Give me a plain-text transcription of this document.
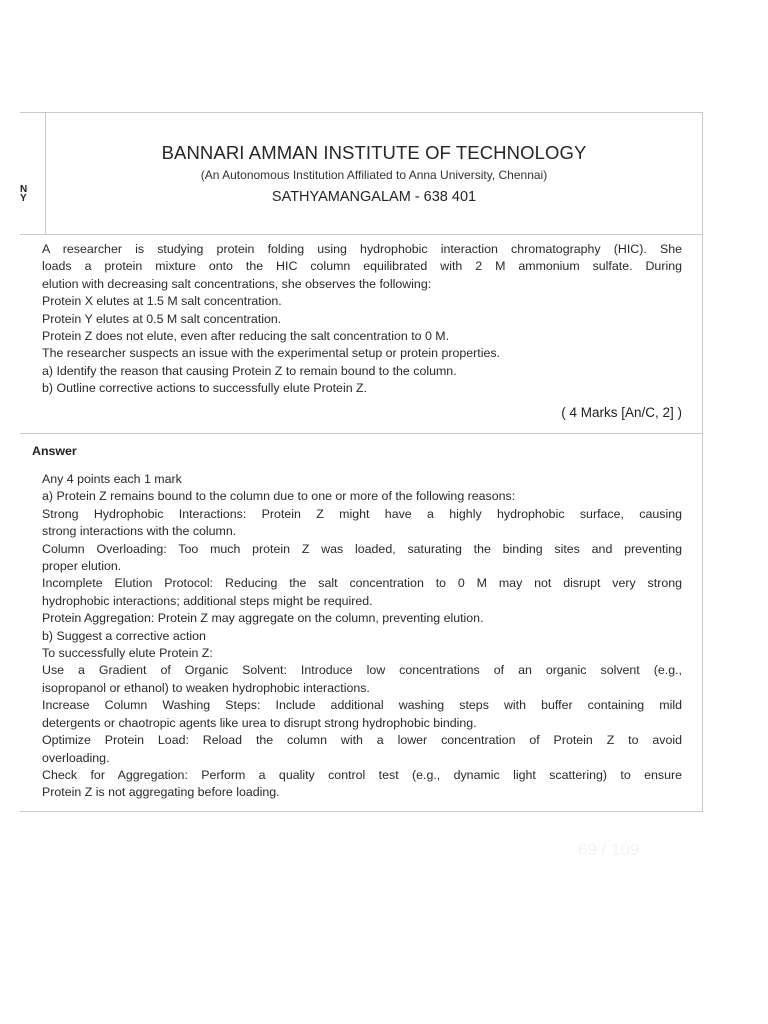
N
Y
BANNARI AMMAN INSTITUTE OF TECHNOLOGY
(An Autonomous Institution Affiliated to Anna University, Chennai)
SATHYAMANGALAM - 638 401

A researcher is studying protein folding using hydrophobic interaction chromatography (HIC). She

loads a protein mixture onto the HIC column equilibrated with 2 M ammonium sulfate. During

elution with decreasing salt concentrations, she observes the following:

Protein X elutes at 1.5 M salt concentration.

Protein Y elutes at 0.5 M salt concentration.

Protein Z does not elute, even after reducing the salt concentration to 0 M.

The researcher suspects an issue with the experimental setup or protein properties.

a) Identify the reason that causing Protein Z to remain bound to the column.

b) Outline corrective actions to successfully elute Protein Z.

( 4 Marks [An/C, 2] )
Answer

Any 4 points each 1 mark

a) Protein Z remains bound to the column due to one or more of the following reasons:

Strong Hydrophobic Interactions: Protein Z might have a highly hydrophobic surface, causing

strong interactions with the column.

Column Overloading: Too much protein Z was loaded, saturating the binding sites and preventing

proper elution.

Incomplete Elution Protocol: Reducing the salt concentration to 0 M may not disrupt very strong

hydrophobic interactions; additional steps might be required.

Protein Aggregation: Protein Z may aggregate on the column, preventing elution.

b) Suggest a corrective action

To successfully elute Protein Z:

Use a Gradient of Organic Solvent: Introduce low concentrations of an organic solvent (e.g.,

isopropanol or ethanol) to weaken hydrophobic interactions.

Increase Column Washing Steps: Include additional washing steps with buffer containing mild

detergents or chaotropic agents like urea to disrupt strong hydrophobic binding.

Optimize Protein Load: Reload the column with a lower concentration of Protein Z to avoid

overloading.

Check for Aggregation: Perform a quality control test (e.g., dynamic light scattering) to ensure

Protein Z is not aggregating before loading.

69 / 109
